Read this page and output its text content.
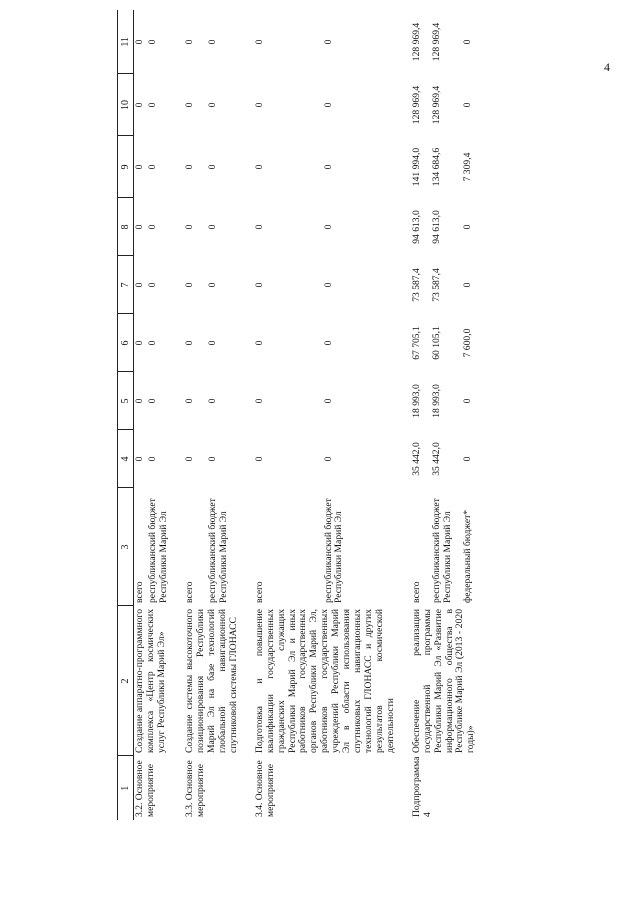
4
1	2	3	4	5	6	7	8	9	10	11
3.2. Основное мероприятие	Создание аппаратно-программного комплекса «Центр космических услуг Республики Марий Эл»	всего	0	0	0	0	0	0	0	0
		республиканский бюджет Республики Марий Эл	0	0	0	0	0	0	0	0
3.3. Основное мероприятие	Создание системы высокоточного позиционирования Республики Марий Эл на базе технологий глобальной навигационной спутниковой системы ГЛОНАСС	всего	0	0	0	0	0	0	0	0
		республиканский бюджет Республики Марий Эл	0	0	0	0	0	0	0	0
3.4. Основное мероприятие	Подготовка и повышение квалификации государственных гражданских служащих Республики Марий Эл и иных работников государственных органов Республики Марий Эл, работников государственных учреждений Республики Марий Эл в области использования спутниковых навигационных технологий ГЛОНАСС и других результатов космической деятельности	всего	0	0	0	0	0	0	0	0
		республиканский бюджет Республики Марий Эл	0	0	0	0	0	0	0	0
Подпрограмма 4	Обеспечение реализации государственной программы Республики Марий Эл «Развитие информационного общества в Республике Марий Эл (2013 - 2020 годы)»	всего	35 442,0	18 993,0	67 705,1	73 587,4	94 613,0	141 994,0	128 969,4	128 969,4
		республиканский бюджет Республики Марий Эл	35 442,0	18 993,0	60 105,1	73 587,4	94 613,0	134 684,6	128 969,4	128 969,4
		федеральный бюджет*	0	0	7 600,0	0	0	7 309,4	0	0
